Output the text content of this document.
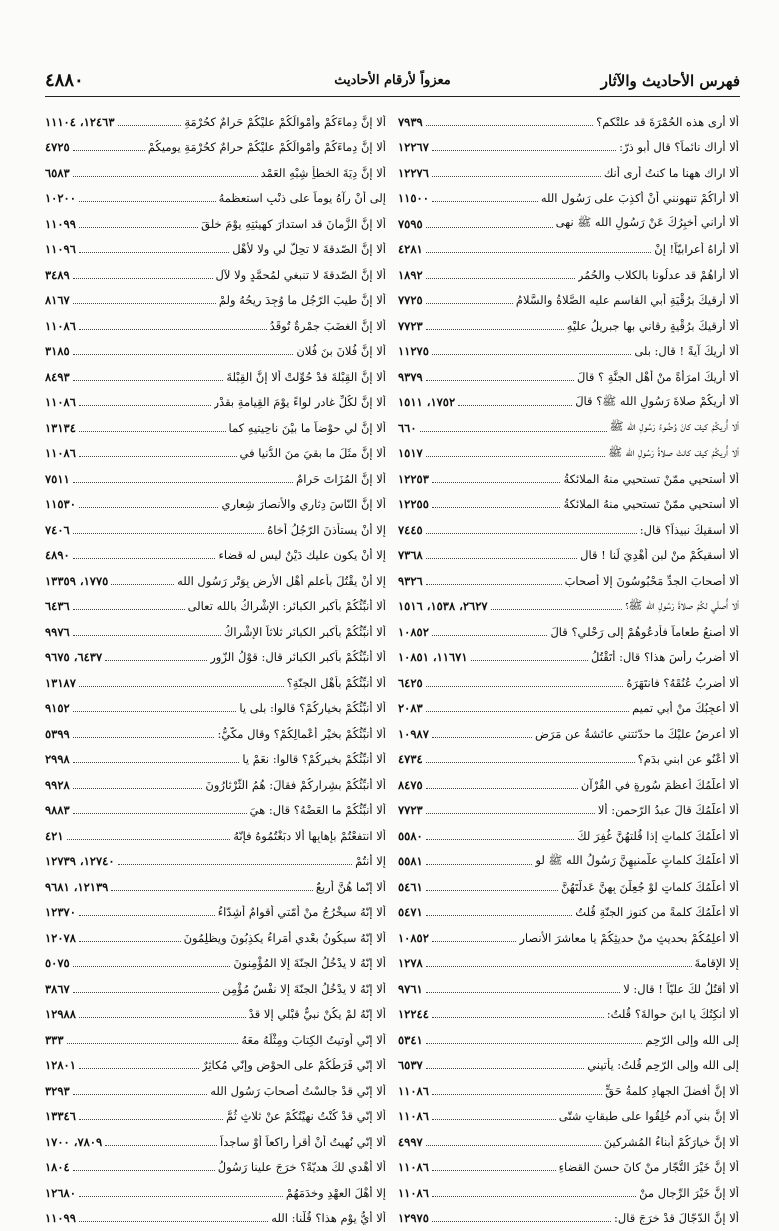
فهرس الأحاديث والآثار
معزواً لأرقام الأحاديث
٤٨٨٠
ألا أرى هذه الحُمْرَةَ قد علتْكم؟
٧٩٣٩
ألا أراك نائماً؟ قال أبو ذرّ:
١٢٢٦٧
ألا اراك ههنا ما كنتُ أرى أنك
١٢٢٧٦
ألا أراكُمْ تنهونني أنْ أكذِبَ على رَسُولِ الله
١١٥٠٠
ألا أراني أُخبِرُكَ عَنْ رَسُولِ الله ﷺ نهى
٧٥٩٥
ألا أراهُ أعرابيّاً! إنْ
٤٢٨١
ألا أراهُمْ قد عدلُونا بالكلاب والحُمُر
١٨٩٢
ألا أرقيكَ برُقْيَةِ أبي القاسم عليه الصَّلاةُ والسَّلامُ
٧٧٢٥
ألا أرقيكَ برُقْيةٍ رقاني بها جبريلُ عليْهِ
٧٧٢٣
ألا أُريكَ آيةً ! قال: بلى
١١٢٧٥
ألا أُريكَ امرَأةً منْ أهْلِ الجنَّةِ ؟ قالَ
٩٣٧٩
ألا أُريكُمْ صلاةَ رَسُولِ الله ﷺ؟ قالَ
١٧٥٢، ١٥١١
ألا أُريكُمْ كيفَ كانَ وُضُوءُ رَسُولِ الله ﷺ
٦٦٠
ألا أُريكُمْ كيفَ كانتْ صلاةُ رَسُولِ الله ﷺ
١٥١٧
ألا أستحيي ممّنْ تستحيي منهُ الملائكةُ
١٢٢٥٣
ألا أستحيي ممّنْ تستحيي منهُ الملائكةُ
١٢٢٥٥
ألا أُسقيكَ نبيذاً؟ قال:
٧٤٤٥
ألا أُسقيكُمْ منْ لبنٍ أهْدِيَ لَنا ! قال
٧٣٦٨
ألا أصحابَ الجدِّ مَحْبُوسُونَ إلا أصحابَ
٩٣٢٦
ألا أُصلّي لكُمْ صلاةَ رَسُولِ الله ﷺ؟
٢٦٢٧، ١٥٣٨، ١٥١٦
ألا أصنعُ طعاماً فأدعُوهُمْ إلى رَحْلي؟ قالَ
١٠٨٥٢
ألا أضربُ رأسَ هذا؟ قال: أتَقْتُلُ
١١٦٧١، ١٠٨٥١
ألا أضربُ عُنُقَهُ؟ فانتَهَرَهُ
٦٤٢٥
ألا أُعجِبُكَ منْ أبي تميم
٢٠٨٣
ألا أعرِضُ عليْكَ ما حدّثتني عائشةُ عن مَرَض
١٠٩٨٧
ألا أعْنُو عنِ ابني بدَمٍ؟
٤٧٣٤
ألا أُعلّمُكَ أعظمَ سُورةٍ في القُرْآن
٨٤٧٥
ألا أُعلّمُكَ قالَ عبدُ الرّحمن: ألا
٧٧٢٣
ألا أُعلّمُكَ كلماتٍ إذا قُلتهُنَّ غُفِرَ لكَ
٥٥٨٠
ألا أُعلّمُكَ كلماتٍ علّمنيهِنَّ رَسُولُ الله ﷺ لو
٥٥٨١
ألا أُعلّمُكَ كلماتٍ لوْ جُعِلْنَ بِهِنَّ عَدلْتَهُنَّ
٥٤٦١
ألا أُعلّمُكَ كلمةً من كنوز الجنّةِ قُلتُ
٥٤٧١
ألا أُعلِمُكُمْ بحديثٍ منْ حديثِكُمْ يا معاشرَ الأنصارِ
١٠٨٥٢
إلا الإقامةَ
١٢٧٨
ألا أقتُلُ لكَ عليّاً ! قال: لا
٩٧٦١
ألا أُنكِتُكَ يا ابنَ حوالةَ؟ قُلتُ:
١٢٢٤٤
إلى الله وإلى الرّحِم
٥٣٤١
إلى الله وإلى الرّحِمِ قُلتُ: يأتيني
٦٥٣٧
ألا إنَّ أفضلَ الجهادِ كلمةُ حَقٍّ
١١٠٨٦
ألا إنَّ بني آدم خُلِقُوا على طبقاتٍ شتّى
١١٠٨٦
ألا إنَّ خيارَكُمْ أبناءُ المُشرِكينَ
٤٩٩٧
ألا إنَّ خَيْرَ التُّجّارِ منْ كانَ حسنَ القضاءِ
١١٠٨٦
ألا إنَّ خَيْرَ الرِّجالِ منْ
١١٠٨٦
ألا إنَّ الدّجّالَ قدْ خرَجَ قال:
١٢٩٧٥
ألا إنَّ دِماءَكُمْ وأمْوالَكُمْ عليْكُمْ حَرامٌ كحُرْمَةِ
١٢٤٦٣، ١١١٠٤
ألا إنَّ دِماءَكُمْ وأمْوالَكُمْ عليْكُمْ حرامٌ كحُرْمَةِ يوميكُمْ
٤٧٢٥
ألا إنَّ دِيَةَ الخطأِ شِبْهِ العَمْد
٦٥٨٣
إلى أنْ رآهُ يوماً على ذنْبٍ استعظمهُ
١٠٢٠٠
ألا إنَّ الزَّمانَ قد استدارَ كهيئتِهِ يوْمَ خلقَ
١١٠٩٩
ألا إنَّ الصّدقةَ لا تحِلُّ لي ولا لأهْلِ
١١٠٩٦
ألا إنَّ الصّدقةَ لا تنبغي لمُحمَّدٍ ولا لآلِ
٣٤٨٩
ألا إنَّ طيبَ الرّجُلِ ما وُجِدَ ريحُهُ ولمْ
٨١٦٧
ألا إنَّ الغضَبَ جمْرةٌ تُوقَدُ
١١٠٨٦
ألا إنَّ فُلانَ بنَ فُلان
٣١٨٥
ألا إنَّ القِبْلةَ قدْ حُوِّلتْ ألا إنَّ القِبْلةَ
٨٤٩٣
ألا إنَّ لكُلِّ غادرٍ لواءً يوْمَ القِيامةِ بقدْر
١١٠٨٦
ألا إنَّ لي حوْضاً ما بيْنَ ناحِيتيهِ كما
١٣١٣٤
ألا إنَّ مثَلَ ما بقيَ منَ الدُّنيا في
١١٠٨٦
ألا إنَّ المُزَاتَ حَرامٌ
٧٥١١
ألا إنَّ النّاسَ دِثاري والأنصارَ شِعاري
١١٥٣٠
إلا أنْ يستأذنَ الرّجُلُ أخاهُ
٧٤٠٦
إلا أنْ يكون عليك دَيْنٌ ليس له قضاء
٤٨٩٠
إلا أنْ يقْتُلَ بأعلمِ أهْلِ الأرض بِوَتْرِ رَسُولِ الله
١٧٧٥، ١٣٣٥٩
ألا أُنبِّئُكُمْ بأكبرِ الكبائرِ: الإشْراكُ بالله تعالى
٦٤٣٦
ألا أُنبِّئُكُمْ بأكبرِ الكبائرِ ثلاثاً الإشْراكُ
٩٩٧٦
ألا أُنبِّئُكُمْ بأكبرِ الكبائرِ قال: قوْلُ الزّور
٦٤٣٧، ٩٦٧٥
ألا أُنبِّئُكُمْ بأهْلِ الجنّةِ؟
١٣١٨٧
ألا أُنبِّئُكُمْ بخيارِكُمْ؟ قالوا: بلى يا
٩١٥٢
ألا أُنبِّئُكُمْ بخيْرِ أعْمالِكُمْ؟ وقال مكّيُّ:
٥٣٩٩
ألا أُنبِّئُكُمْ بخيرِكُمْ؟ قالوا: نعَمْ يا
٢٩٩٨
ألا أُنبِّئُكُمْ بشِرارِكُمْ فقالَ: هُمُ الثّرْثارُونَ
٩٩٢٨
ألا أُنبِّئُكُمْ ما العَضْهُ؟ قال: هيَ
٩٨٨٣
ألا انتفعْتُمْ بإهابِها ألا دبَغْتُمُوهُ فإنّهُ
٤٢١
إلا أنتُمْ
١٢٧٤٠، ١٢٧٣٩
ألا إنّما هُنَّ أربعٌ
١٢١٣٩، ٩٦٨١
ألا إنّهُ سيخْرُجُ منْ أُمّتي أقوامٌ أشِدّاءُ
١٢٣٧٠
ألا إنّهُ سيكُونُ بعْدي أُمَراءُ يكذِبُونَ ويظلِمُونَ
١٢٠٧٨
ألا إنّهُ لا يدْخُلُ الجنّةَ إلا المُؤْمِنونَ
٥٠٧٥
ألا إنّهُ لا يدْخُلُ الجنّةَ إلا نفْسٌ مُؤْمِن
٣٨٦٧
ألا إنّهُ لمْ يكُنْ نبيٌّ قبْلي إلا قدْ
١٢٩٨٨
ألا إنّي أُوتيتُ الكِتابَ ومِثْلَهُ معَهُ
٣٣٣
ألا إنّي فَرَطُكُمْ على الحوْضِ وإنّي مُكاثِرٌ
١٢٨٠١
ألا إنّي قدْ جالسْتُ أصحابَ رَسُولِ الله
٣٢٩٣
ألا إنّي قدْ كُنْتُ نهيْتُكُمْ عنْ ثلاثٍ ثُمَّ
١٣٣٤٦
ألا إنّي نُهيتُ أنْ أقرأَ راكعاً أوْ ساجداً
٧٨٠٩، ١٧٠٠
ألا أهْدي لكَ هديّةً؟ خرَجَ علينا رَسُولُ
١٨٠٤
إلا أهْلَ العهْدِ وخدَمَهُمْ
١٢٦٨٠
ألا أيُّ يوْمٍ هذا؟ قُلْنا: الله
١١٠٩٩
